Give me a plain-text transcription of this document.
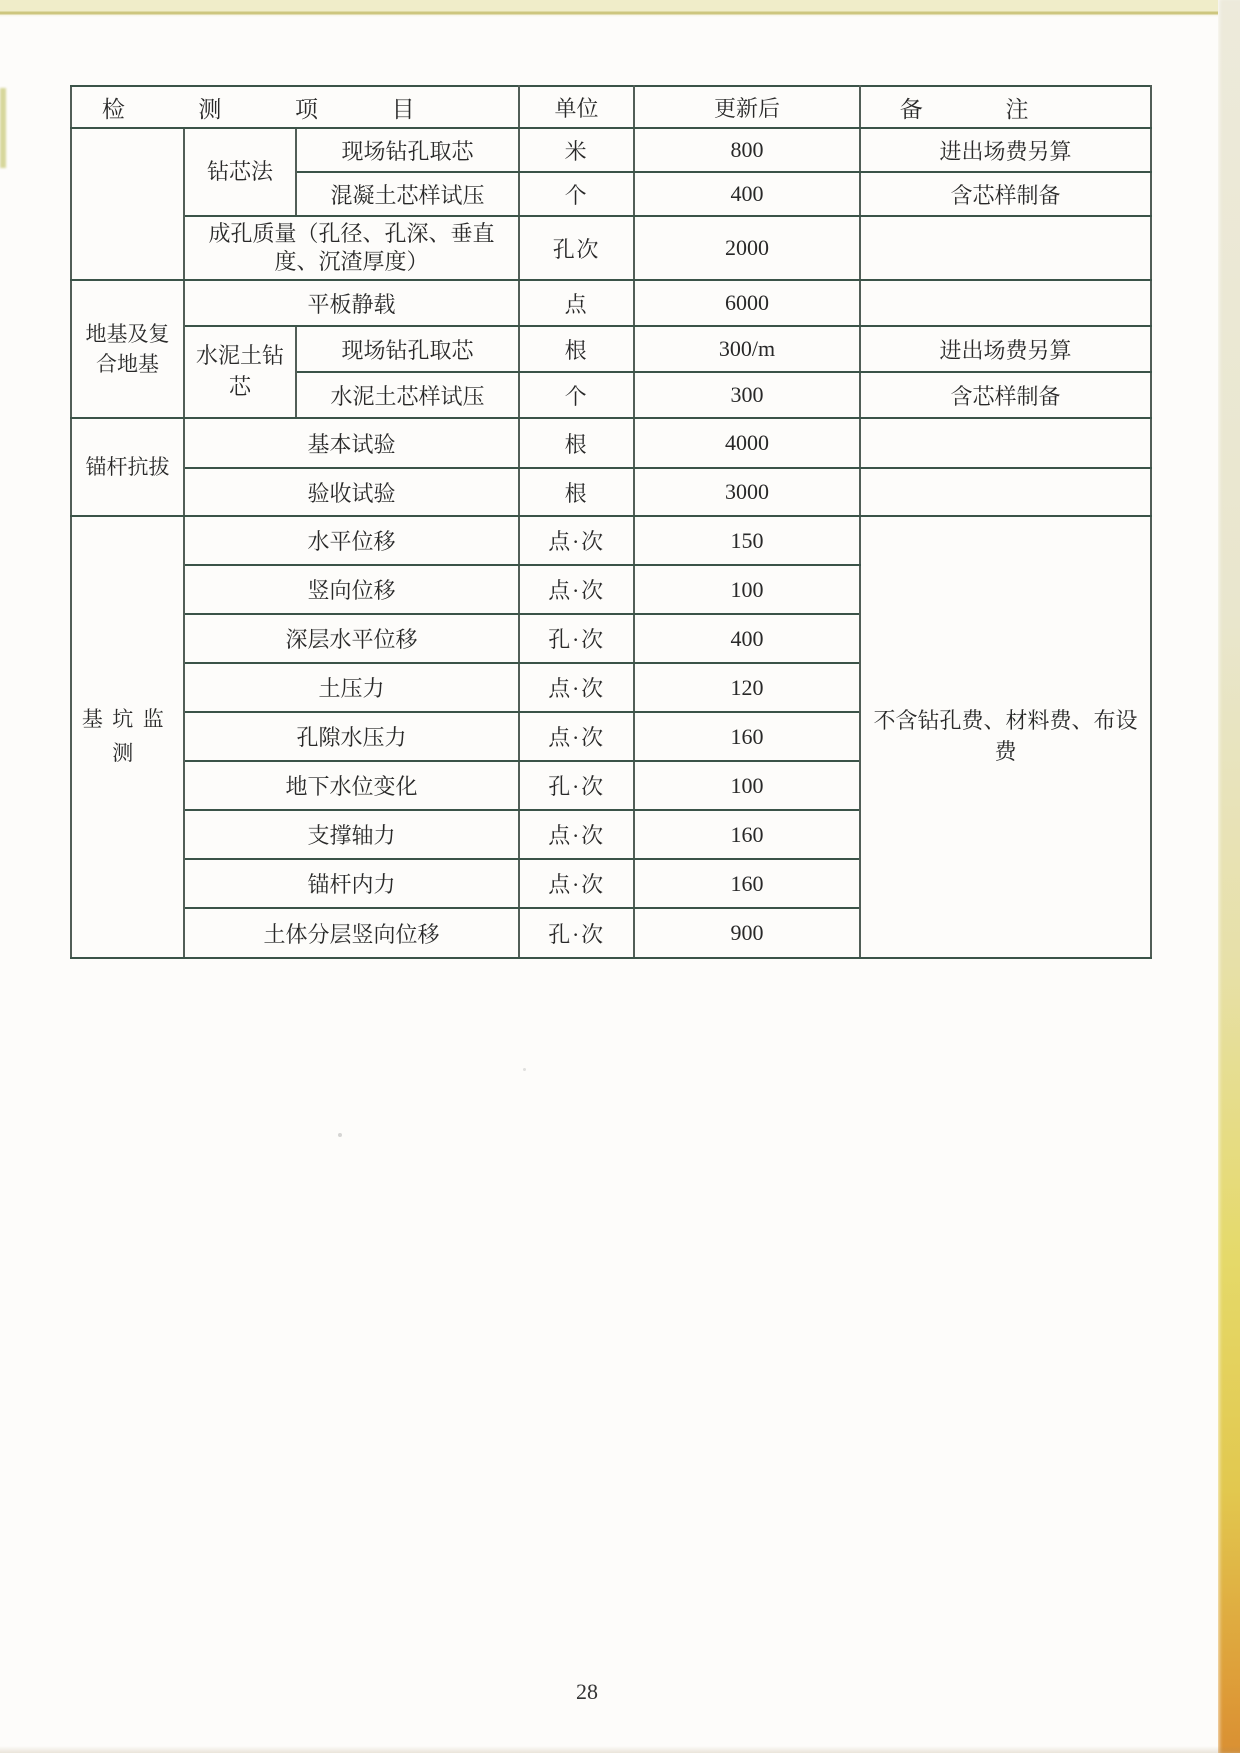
检测项目			单位	更新后	备注
	钻芯法	现场钻孔取芯	米	800	进出场费另算
		混凝土芯样试压	个	400	含芯样制备
	成孔质量（孔径、孔深、垂直度、沉渣厚度）		孔次	2000	
地基及复合地基	平板静载		点	6000	
	水泥土钻芯	现场钻孔取芯	根	300/m	进出场费另算
		水泥土芯样试压	个	300	含芯样制备
锚杆抗拔	基本试验		根	4000	
	验收试验		根	3000	
基坑监测	水平位移		点·次	150	不含钻孔费、材料费、布设费
	竖向位移		点·次	100	
	深层水平位移		孔·次	400	
	土压力		点·次	120	
	孔隙水压力		点·次	160	
	地下水位变化		孔·次	100	
	支撑轴力		点·次	160	
	锚杆内力		点·次	160	
	土体分层竖向位移		孔·次	900	
28
